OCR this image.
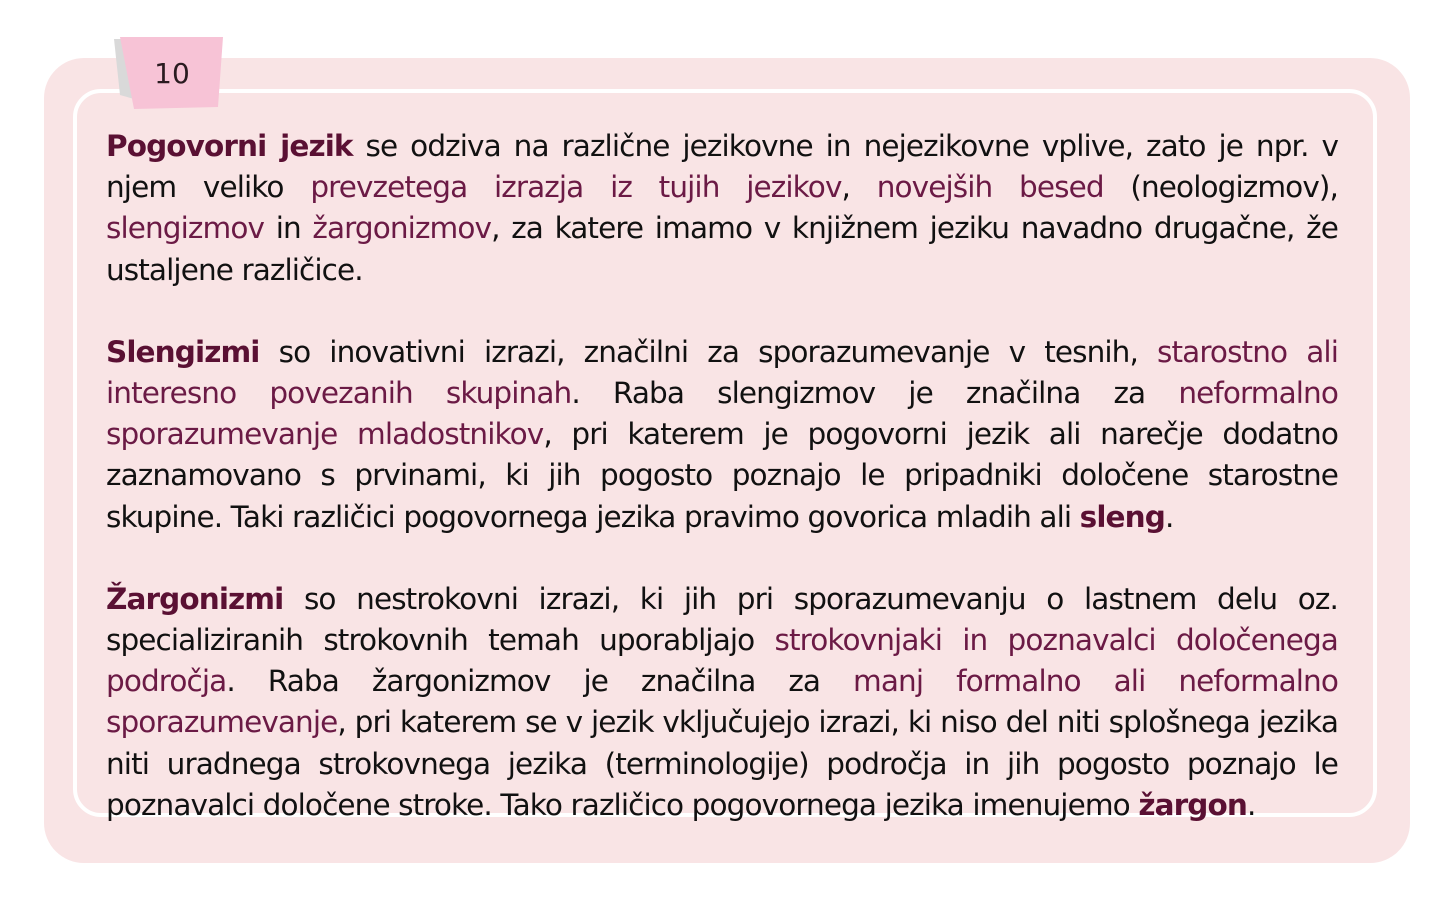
10

Pogovorni jezik se odziva na različne jezikovne in nejezikovne vplive, zato je npr. v njem veliko prevzetega izrazja iz tujih jezikov, novejših besed (neologizmov), slengizmov in žargonizmov, za katere imamo v knjižnem jeziku navadno drugačne, že ustaljene različice.

Slengizmi so inovativni izrazi, značilni za sporazumevanje v tesnih, starostno ali interesno povezanih skupinah. Raba slengizmov je značilna za neformalno sporazumevanje mladostnikov, pri katerem je pogovorni jezik ali narečje dodatno zaznamovano s prvinami, ki jih pogosto poznajo le pripadniki določene starostne skupine. Taki različici pogovornega jezika pravimo govorica mladih ali sleng.

Žargonizmi so nestrokovni izrazi, ki jih pri sporazumevanju o lastnem delu oz. specializiranih strokovnih temah uporabljajo strokovnjaki in poznavalci določenega področja. Raba žargonizmov je značilna za manj formalno ali neformalno sporazumevanje, pri katerem se v jezik vključujejo izrazi, ki niso del niti splošnega jezika niti uradnega strokovnega jezika (terminologije) področja in jih pogosto poznajo le poznavalci določene stroke. Tako različico pogovornega jezika imenujemo žargon.
